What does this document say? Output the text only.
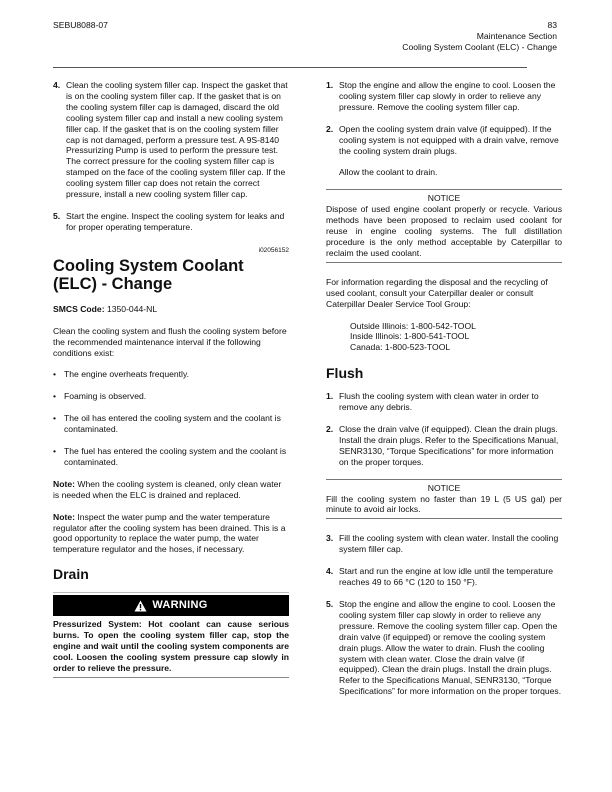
SEBU8088-07	83
Maintenance Section
Cooling System Coolant (ELC) - Change
4. Clean the cooling system filler cap. Inspect the gasket that is on the cooling system filler cap. If the gasket that is on the cooling system filler cap is damaged, discard the old cooling system filler cap and install a new cooling system filler cap. If the gasket that is on the cooling system filler cap is not damaged, perform a pressure test. A 9S-8140 Pressurizing Pump is used to perform the pressure test. The correct pressure for the cooling system filler cap is stamped on the face of the cooling system filler cap. If the cooling system filler cap does not retain the correct pressure, install a new cooling system filler cap.
5. Start the engine. Inspect the cooling system for leaks and for proper operating temperature.
i02056152
Cooling System Coolant (ELC) - Change

SMCS Code: 1350-044-NL

Clean the cooling system and flush the cooling system before the recommended maintenance interval if the following conditions exist:

• The engine overheats frequently.
• Foaming is observed.
• The oil has entered the cooling system and the coolant is contaminated.
• The fuel has entered the cooling system and the coolant is contaminated.

Note: When the cooling system is cleaned, only clean water is needed when the ELC is drained and replaced.

Note: Inspect the water pump and the water temperature regulator after the cooling system has been drained. This is a good opportunity to replace the water pump, the water temperature regulator and the hoses, if necessary.

Drain
WARNING
Pressurized System: Hot coolant can cause serious burns. To open the cooling system filler cap, stop the engine and wait until the cooling system components are cool. Loosen the cooling system pressure cap slowly in order to relieve the pressure.
1. Stop the engine and allow the engine to cool. Loosen the cooling system filler cap slowly in order to relieve any pressure. Remove the cooling system filler cap.
2. Open the cooling system drain valve (if equipped). If the cooling system is not equipped with a drain valve, remove the cooling system drain plugs.

Allow the coolant to drain.

NOTICE
Dispose of used engine coolant properly or recycle. Various methods have been proposed to reclaim used coolant for reuse in engine cooling systems. The full distillation procedure is the only method acceptable by Caterpillar to reclaim the used coolant.

For information regarding the disposal and the recycling of used coolant, consult your Caterpillar dealer or consult Caterpillar Dealer Service Tool Group:

Outside Illinois: 1-800-542-TOOL
Inside Illinois: 1-800-541-TOOL
Canada: 1-800-523-TOOL
Flush
1. Flush the cooling system with clean water in order to remove any debris.
2. Close the drain valve (if equipped). Clean the drain plugs. Install the drain plugs. Refer to the Specifications Manual, SENR3130, “Torque Specifications” for more information on the proper torques.
NOTICE
Fill the cooling system no faster than 19 L (5 US gal) per minute to avoid air locks.
3. Fill the cooling system with clean water. Install the cooling system filler cap.
4. Start and run the engine at low idle until the temperature reaches 49 to 66 °C (120 to 150 °F).
5. Stop the engine and allow the engine to cool. Loosen the cooling system filler cap slowly in order to relieve any pressure. Remove the cooling system filler cap. Open the drain valve (if equipped) or remove the cooling system drain plugs. Allow the water to drain. Flush the cooling system with clean water. Close the drain valve (if equipped). Clean the drain plugs. Install the drain plugs. Refer to the Specifications Manual, SENR3130, “Torque Specifications” for more information on the proper torques.
